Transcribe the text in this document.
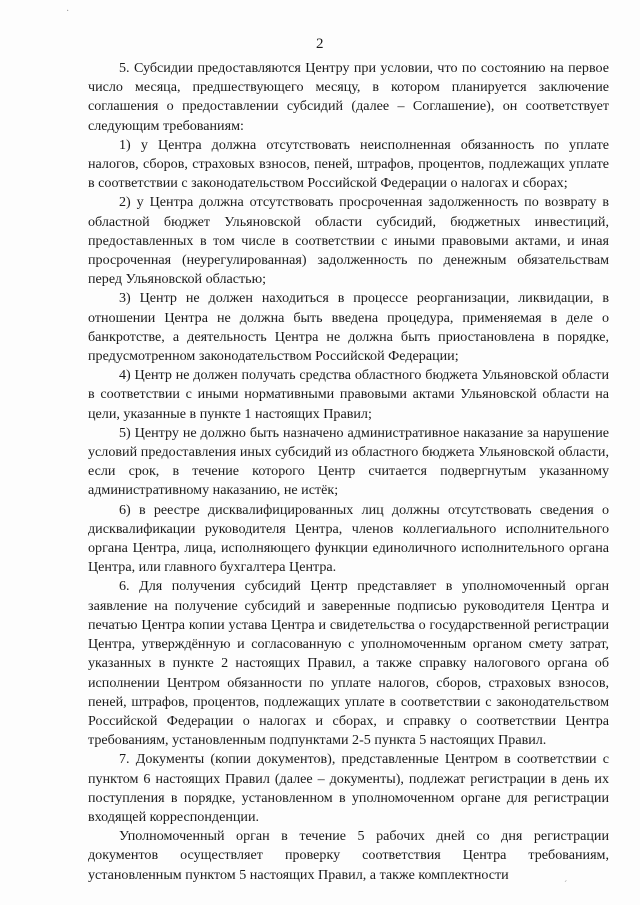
·
´
2

5. Субсидии предоставляются Центру при условии, что по состоянию на первое число месяца, предшествующего месяцу, в котором планируется заключение соглашения о предоставлении субсидий (далее – Соглашение), он соответствует следующим требованиям:

1) у Центра должна отсутствовать неисполненная обязанность по уплате налогов, сборов, страховых взносов, пеней, штрафов, процентов, подлежащих уплате в соответствии с законодательством Российской Федерации о налогах и сборах;

2) у Центра должна отсутствовать просроченная задолженность по возврату в областной бюджет Ульяновской области субсидий, бюджетных инвестиций, предоставленных в том числе в соответствии с иными правовыми актами, и иная просроченная (неурегулированная) задолженность по денежным обязательствам перед Ульяновской областью;

3) Центр не должен находиться в процессе реорганизации, ликвидации, в отношении Центра не должна быть введена процедура, применяемая в деле о банкротстве, а деятельность Центра не должна быть приостановлена в порядке, предусмотренном законодательством Российской Федерации;

4) Центр не должен получать средства областного бюджета Ульяновской области в соответствии с иными нормативными правовыми актами Ульяновской области на цели, указанные в пункте 1 настоящих Правил;

5) Центру не должно быть назначено административное наказание за нарушение условий предоставления иных субсидий из областного бюджета Ульяновской области, если срок, в течение которого Центр считается подвергнутым указанному административному наказанию, не истёк;

6) в реестре дисквалифицированных лиц должны отсутствовать сведения о дисквалификации руководителя Центра, членов коллегиального исполнительного органа Центра, лица, исполняющего функции единоличного исполнительного органа Центра, или главного бухгалтера Центра.

6. Для получения субсидий Центр представляет в уполномоченный орган заявление на получение субсидий и заверенные подписью руководителя Центра и печатью Центра копии устава Центра и свидетельства о государственной регистрации Центра, утверждённую и согласованную с уполномоченным органом смету затрат, указанных в пункте 2 настоящих Правил, а также справку налогового органа об исполнении Центром обязанности по уплате налогов, сборов, страховых взносов, пеней, штрафов, процентов, подлежащих уплате в соответствии с законодательством Российской Федерации о налогах и сборах, и справку о соответствии Центра требованиям, установленным подпунктами 2-5 пункта 5 настоящих Правил.

7. Документы (копии документов), представленные Центром в соответствии с пунктом 6 настоящих Правил (далее – документы), подлежат регистрации в день их поступления в порядке, установленном в уполномоченном органе для регистрации входящей корреспонденции.

Уполномоченный орган в течение 5 рабочих дней со дня регистрации документов осуществляет проверку соответствия Центра требованиям, установленным пунктом 5 настоящих Правил, а также комплектности
